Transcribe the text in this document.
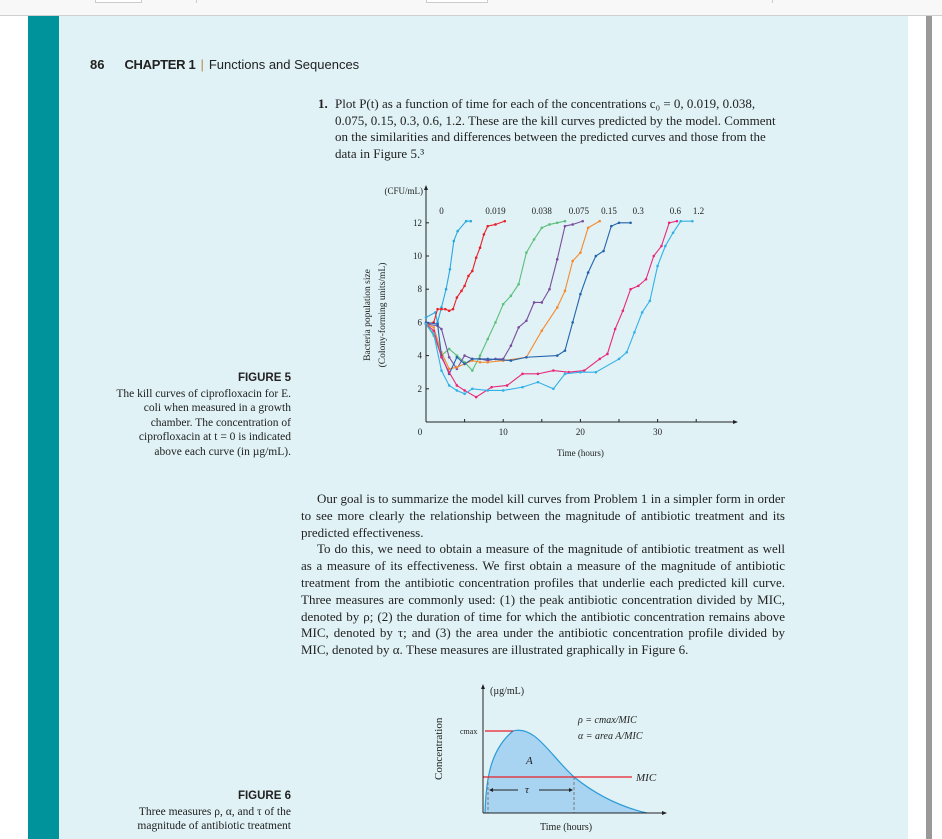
86 CHAPTER 1 | Functions and Sequences
1. Plot P(t) as a function of time for each of the concentrations c₀ = 0, 0.019, 0.038, 0.075, 0.15, 0.3, 0.6, 1.2. These are the kill curves predicted by the model. Comment on the similarities and differences between the predicted curves and those from the data in Figure 5.³
FIGURE 5
The kill curves of ciprofloxacin for E. coli when measured in a growth chamber. The concentration of ciprofloxacin at t = 0 is indicated above each curve (in µg/mL).
2
4
6
8
10
12
0	10	20	30
(CFU/mL)
Time (hours)
Bacteria population size (Colony-forming units/mL)
0	0.019	0.038 0.075 0.15 0.3	0.6 1.2

Our goal is to summarize the model kill curves from Problem 1 in a simpler form in order to see more clearly the relationship between the magnitude of antibiotic treatment and its predicted effectiveness.

To do this, we need to obtain a measure of the magnitude of antibiotic treatment as well as a measure of its effectiveness. We first obtain a measure of the magnitude of antibiotic treatment from the antibiotic concentration profiles that underlie each predicted kill curve. Three measures are commonly used: (1) the peak antibiotic concentration divided by MIC, denoted by ρ; (2) the duration of time for which the antibiotic concentration remains above MIC, denoted by τ; and (3) the area under the antibiotic concentration profile divided by MIC, denoted by α. These measures are illustrated graphically in Figure 6.

FIGURE 6
Three measures ρ, α, and τ of the magnitude of antibiotic treatment
(µg/mL)
cmax
ρ = cmax/MIC
α = area A/MIC
A
τ
MIC
Time (hours)
Concentration
